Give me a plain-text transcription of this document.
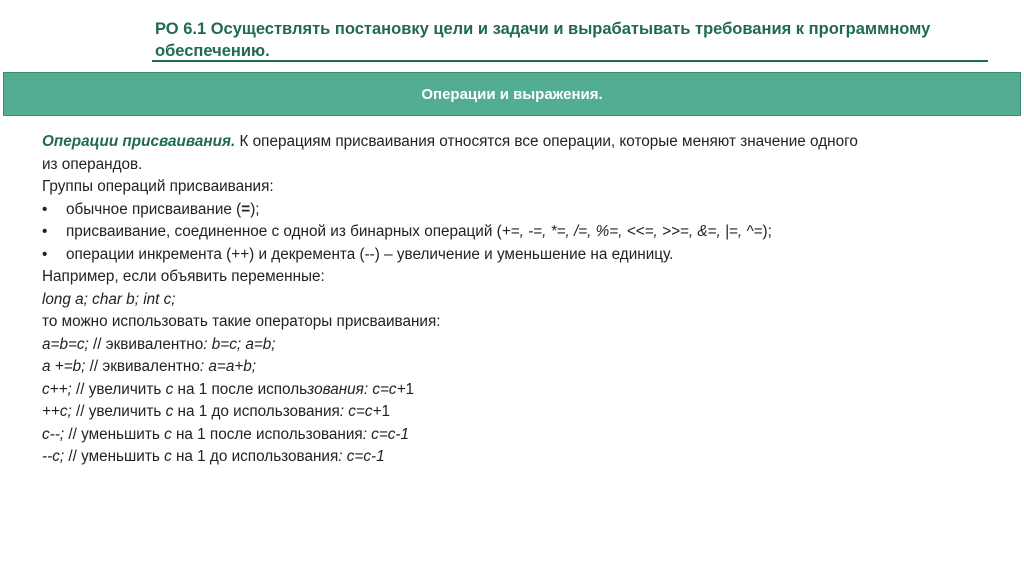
РО 6.1 Осуществлять постановку цели и задачи и вырабатывать требования к программному обеспечению.
Операции и выражения.
Операции присваивания. К операциям присваивания относятся все операции, которые меняют значение одного
из операндов.
Группы операций присваивания:
•	обычное присваивание (=);
•	присваивание, соединенное с одной из бинарных операций (+=, -=, *=, /=, %=, <<=, >>=, &=, |=, ^=);
•	операции инкремента (++) и декремента (--) – увеличение и уменьшение на единицу.
Например, если объявить переменные:
long a; char b; int c;
то можно использовать такие операторы присваивания:
a=b=c; // эквивалентно: b=c; a=b;
a +=b; // эквивалентно: a=a+b;
c++; // увеличить c на 1 после использования: c=c+1
++c; // увеличить c на 1 до использования: c=c+1
c--; // уменьшить c на 1 после использования: c=c-1
--c; // уменьшить c на 1 до использования: c=c-1
